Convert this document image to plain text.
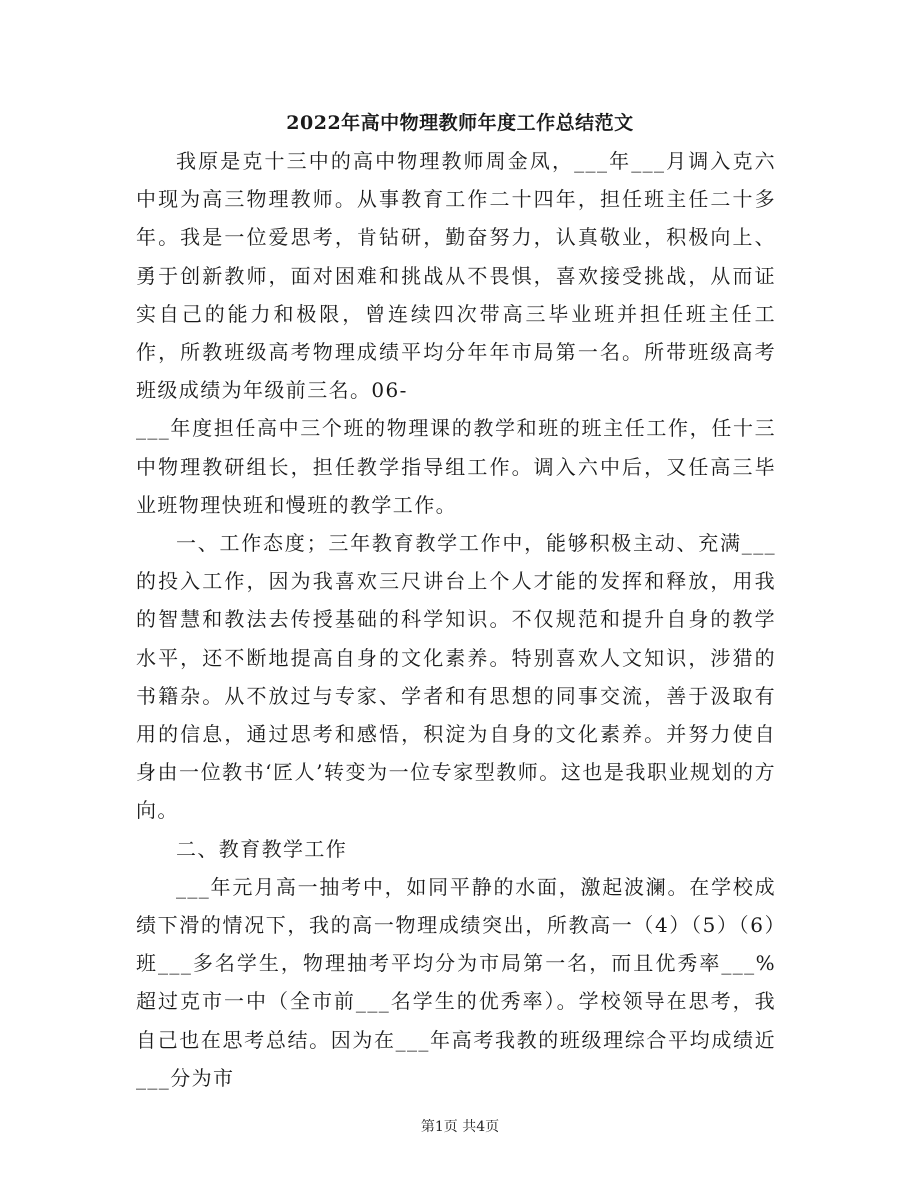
2022年高中物理教师年度工作总结范文

我原是克十三中的高中物理教师周金凤，___年___月调入克六中现为高三物理教师。从事教育工作二十四年，担任班主任二十多年。我是一位爱思考，肯钻研，勤奋努力，认真敬业，积极向上、勇于创新教师，面对困难和挑战从不畏惧，喜欢接受挑战，从而证实自己的能力和极限，曾连续四次带高三毕业班并担任班主任工作，所教班级高考物理成绩平均分年年市局第一名。所带班级高考班级成绩为年级前三名。06-

___年度担任高中三个班的物理课的教学和班的班主任工作，任十三中物理教研组长，担任教学指导组工作。调入六中后，又任高三毕业班物理快班和慢班的教学工作。

一、工作态度；三年教育教学工作中，能够积极主动、充满___的投入工作，因为我喜欢三尺讲台上个人才能的发挥和释放，用我的智慧和教法去传授基础的科学知识。不仅规范和提升自身的教学水平，还不断地提高自身的文化素养。特别喜欢人文知识，涉猎的书籍杂。从不放过与专家、学者和有思想的同事交流，善于汲取有用的信息，通过思考和感悟，积淀为自身的文化素养。并努力使自身由一位教书‘匠人’转变为一位专家型教师。这也是我职业规划的方向。

二、教育教学工作

___年元月高一抽考中，如同平静的水面，激起波澜。在学校成绩下滑的情况下，我的高一物理成绩突出，所教高一（4）（5）（6）班___多名学生，物理抽考平均分为市局第一名，而且优秀率___%超过克市一中（全市前___名学生的优秀率）。学校领导在思考，我自己也在思考总结。因为在___年高考我教的班级理综合平均成绩近___分为市

第1页 共4页
